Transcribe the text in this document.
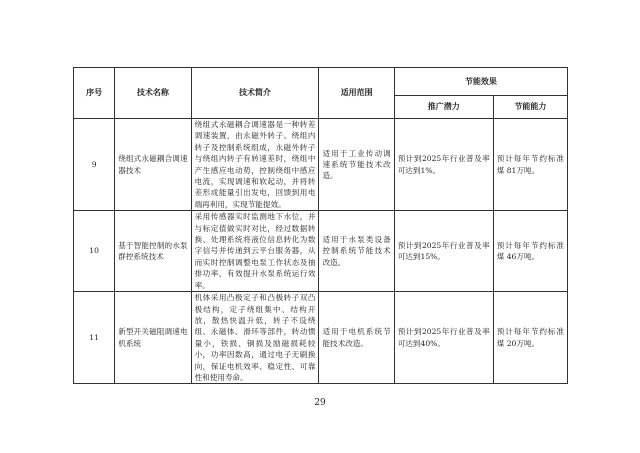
序号	技术名称	技术简介	适用范围	节能效果	
				推广潜力	节能能力
9	绕组式永磁耦合调速器技术	绕组式永磁耦合调速器是一种转差调速装置，由永磁外转子、绕组内转子及控制系统组成，永磁外转子与绕组内转子有转速差时，绕组中产生感应电动势，控制绕组中感应电流，实现调速和软起动，并将转差形成能量引出发电，回馈到用电端再利用，实现节能提效。	适用于工业传动调速系统节能技术改造。	预计到2025年行业普及率可达到1%。	预计每年节约标准煤 81万吨。
10	基于智能控制的水泵群控系统技术	采用传感器实时监测地下水位，并与标定值做实时对比，经过数据转换、处理系统将液位信息转化为数字信号并传递到云平台服务器，从而实时控制调整电泵工作状态及抽排功率，有效提升水泵系统运行效率。	适用于水泵类设备控制系统节能技术改造。	预计到2025年行业普及率可达到15%。	预计每年节约标准煤 46万吨。
11	新型开关磁阻调速电机系统	机体采用凸极定子和凸极转子双凸极结构，定子绕组集中、结构开放，散热快温升低，转子不设绕组、永磁体、滑环等部件，转动惯量小，铁损、铜损及励磁损耗较小，功率因数高，通过电子无刷换向，保证电机效率、稳定性、可靠性和使用寿命。	适用于电机系统节能技术改造。	预计到2025年行业普及率可达到40%。	预计每年节约标准煤 20万吨。
29
